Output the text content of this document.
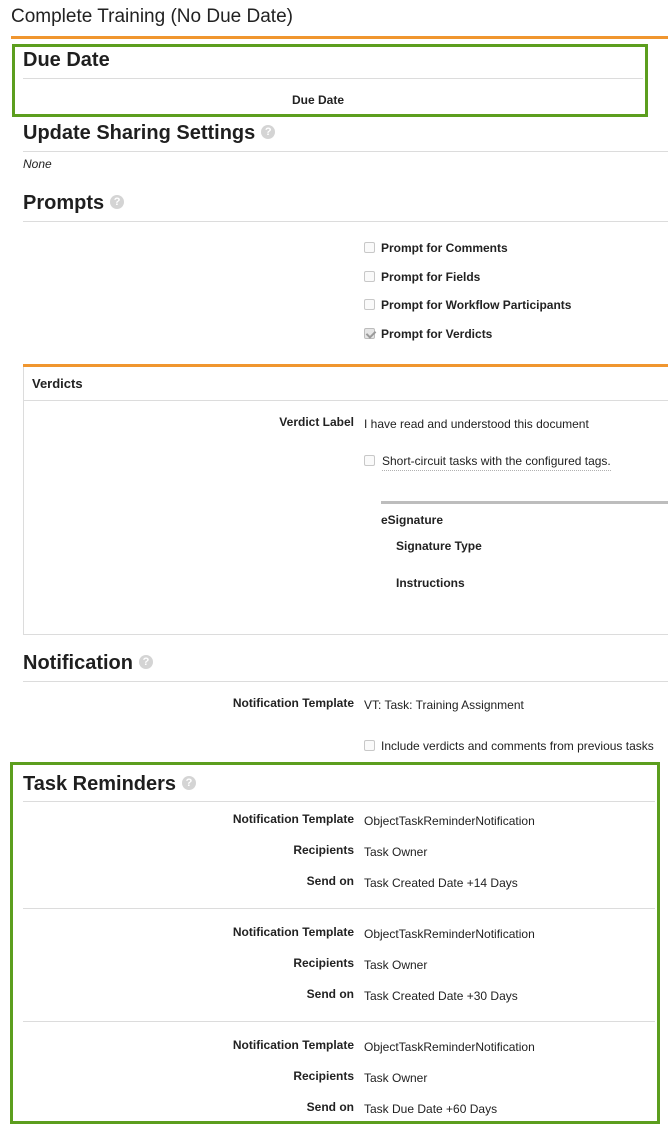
Complete Training (No Due Date)
Due Date
Due Date
Update Sharing Settings ?
None
Prompts ?
Prompt for Comments
Prompt for Fields
Prompt for Workflow Participants
Prompt for Verdicts
Verdicts
Verdict Label I have read and understood this document
Short-circuit tasks with the configured tags.
eSignature
Signature Type
Instructions
Notification ?
Notification Template VT: Task: Training Assignment
Include verdicts and comments from previous tasks
Task Reminders ?
Notification Template ObjectTaskReminderNotification
Recipients Task Owner
Send on Task Created Date +14 Days
Notification Template ObjectTaskReminderNotification
Recipients Task Owner
Send on Task Created Date +30 Days
Notification Template ObjectTaskReminderNotification
Recipients Task Owner
Send on Task Due Date +60 Days
